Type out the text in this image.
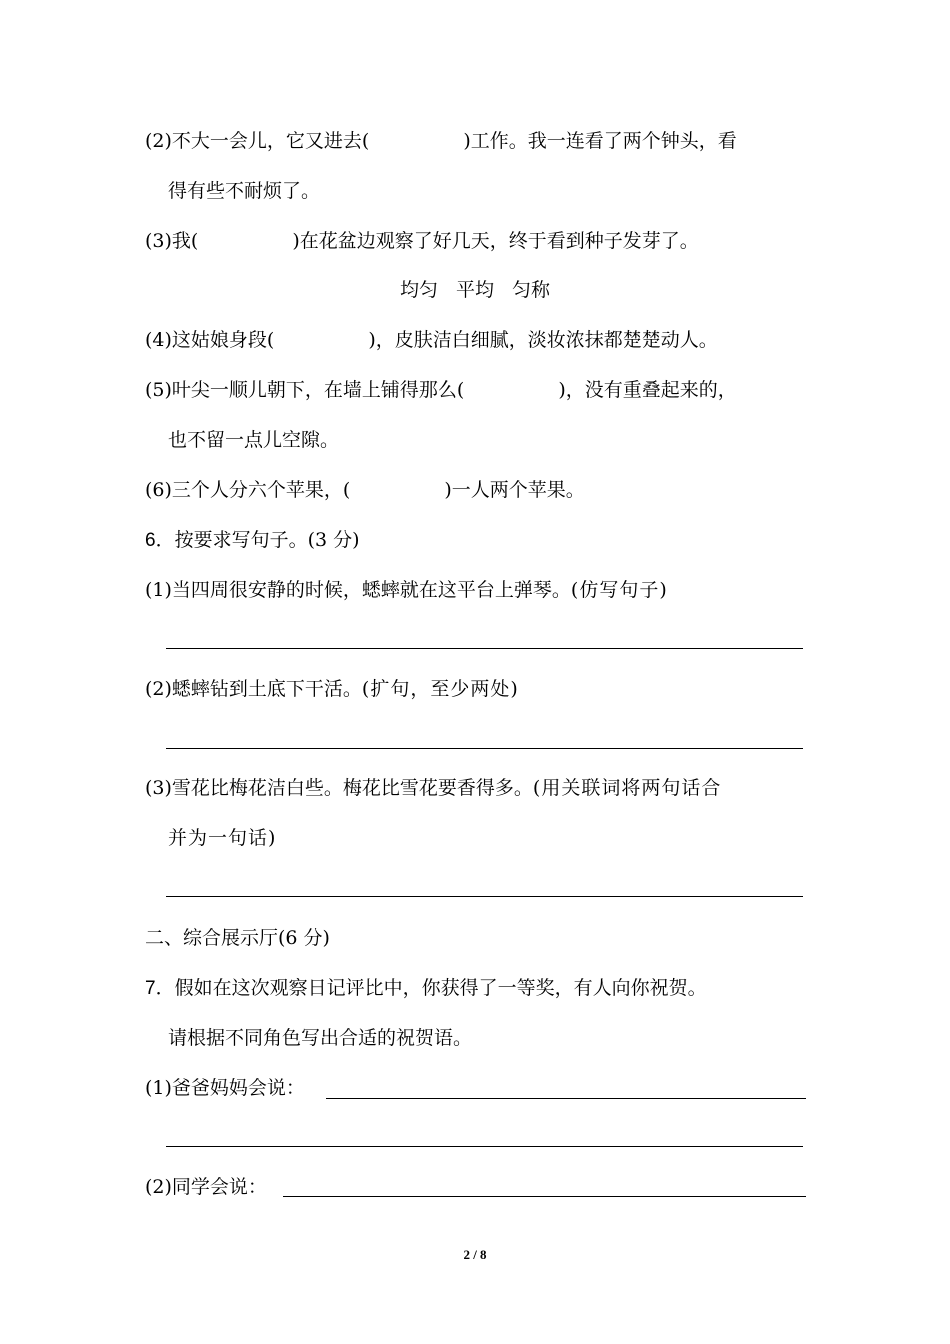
(2)不大一会儿，它又进去(	)工作。我一连看了两个钟头，看
得有些不耐烦了。
(3)我(	)在花盆边观察了好几天，终于看到种子发芽了。
均匀 平均 匀称
(4)这姑娘身段(	)，皮肤洁白细腻，淡妆浓抹都楚楚动人。
(5)叶尖一顺儿朝下，在墙上铺得那么(	)，没有重叠起来的，
也不留一点儿空隙。
(6)三个人分六个苹果，(	)一人两个苹果。
6．按要求写句子。(3 分)
(1)当四周很安静的时候，蟋蟀就在这平台上弹琴。(仿写句子)
(2)蟋蟀钻到土底下干活。(扩句，至少两处)
(3)雪花比梅花洁白些。梅花比雪花要香得多。(用关联词将两句话合
并为一句话)
二、综合展示厅(6 分)
7．假如在这次观察日记评比中，你获得了一等奖，有人向你祝贺。
请根据不同角色写出合适的祝贺语。
(1)爸爸妈妈会说：
(2)同学会说：
2 / 8
